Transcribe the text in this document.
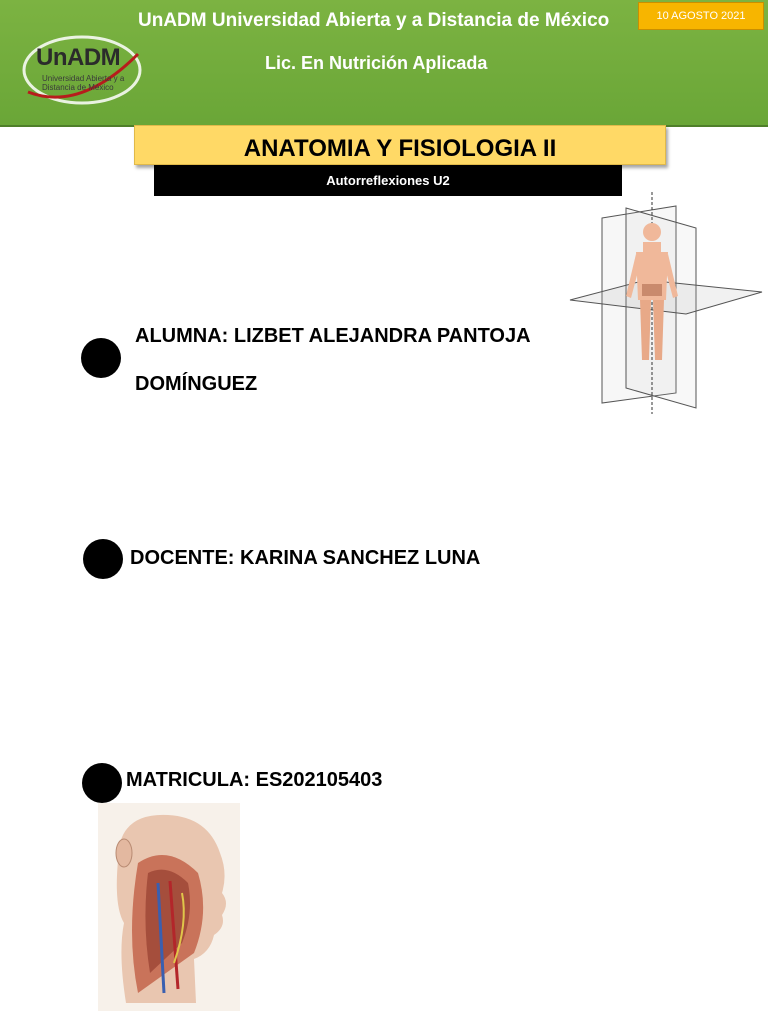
UnADM
Universidad Abierta y a
Distancia de México
UnADM Universidad Abierta y a Distancia de México
Lic. En Nutrición Aplicada
10 AGOSTO 2021
ANATOMIA Y FISIOLOGIA II
Autorreflexiones U2
ALUMNA: LIZBET ALEJANDRA PANTOJA
DOMÍNGUEZ
DOCENTE: KARINA SANCHEZ LUNA
MATRICULA: ES202105403
